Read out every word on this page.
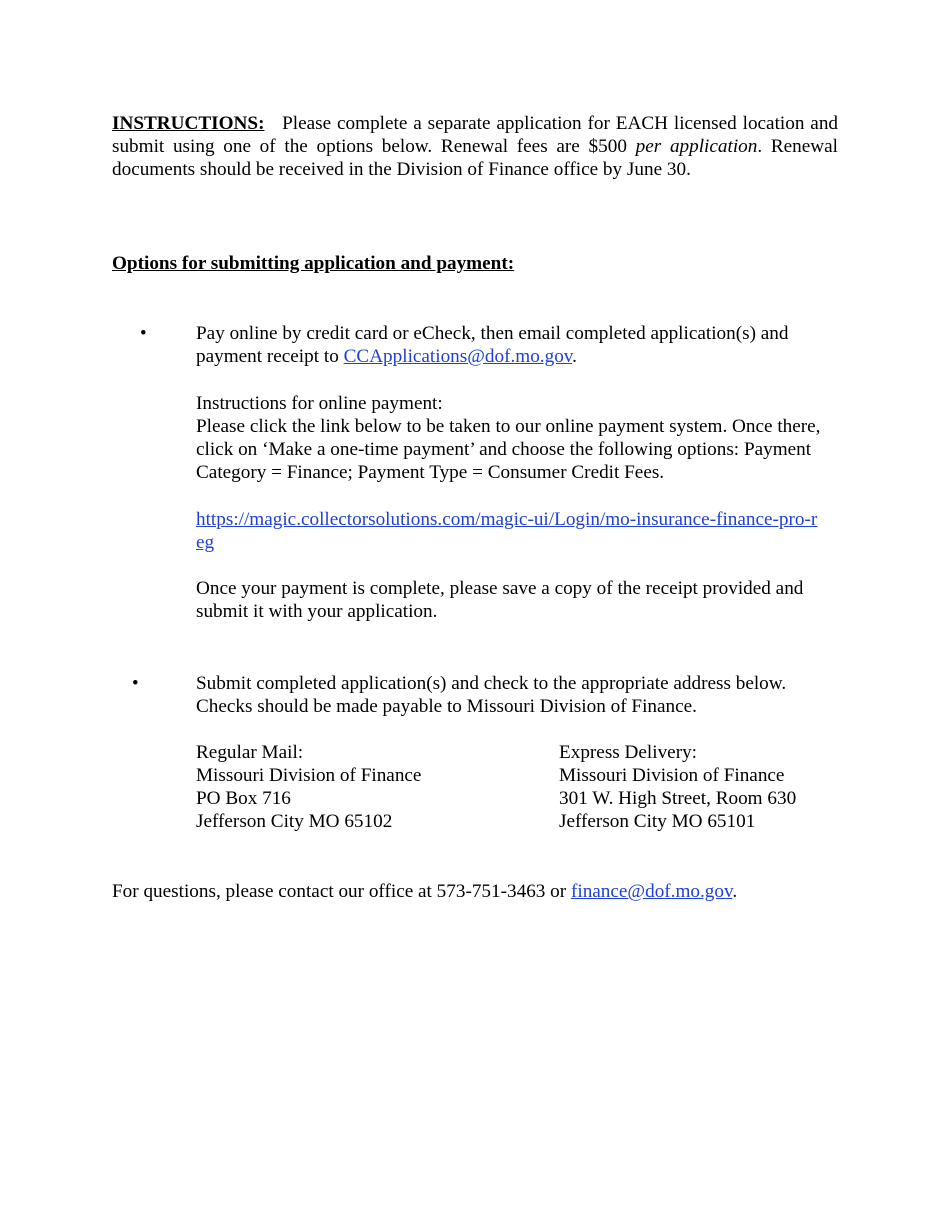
INSTRUCTIONS: Please complete a separate application for EACH licensed location and submit using one of the options below. Renewal fees are $500 per application. Renewal documents should be received in the Division of Finance office by June 30.

Options for submitting application and payment:

•	Pay online by credit card or eCheck, then email completed application(s) and payment receipt to CCApplications@dof.mo.gov.

Instructions for online payment:
Please click the link below to be taken to our online payment system. Once there, click on ‘Make a one-time payment’ and choose the following options: Payment Category = Finance; Payment Type = Consumer Credit Fees.

https://magic.collectorsolutions.com/magic-ui/Login/mo-insurance-finance-pro-reg

Once your payment is complete, please save a copy of the receipt provided and submit it with your application.

•	Submit completed application(s) and check to the appropriate address below. Checks should be made payable to Missouri Division of Finance.

Regular Mail:
Missouri Division of Finance
PO Box 716
Jefferson City MO 65102
Express Delivery:
Missouri Division of Finance
301 W. High Street, Room 630
Jefferson City MO 65101

For questions, please contact our office at 573-751-3463 or finance@dof.mo.gov.
